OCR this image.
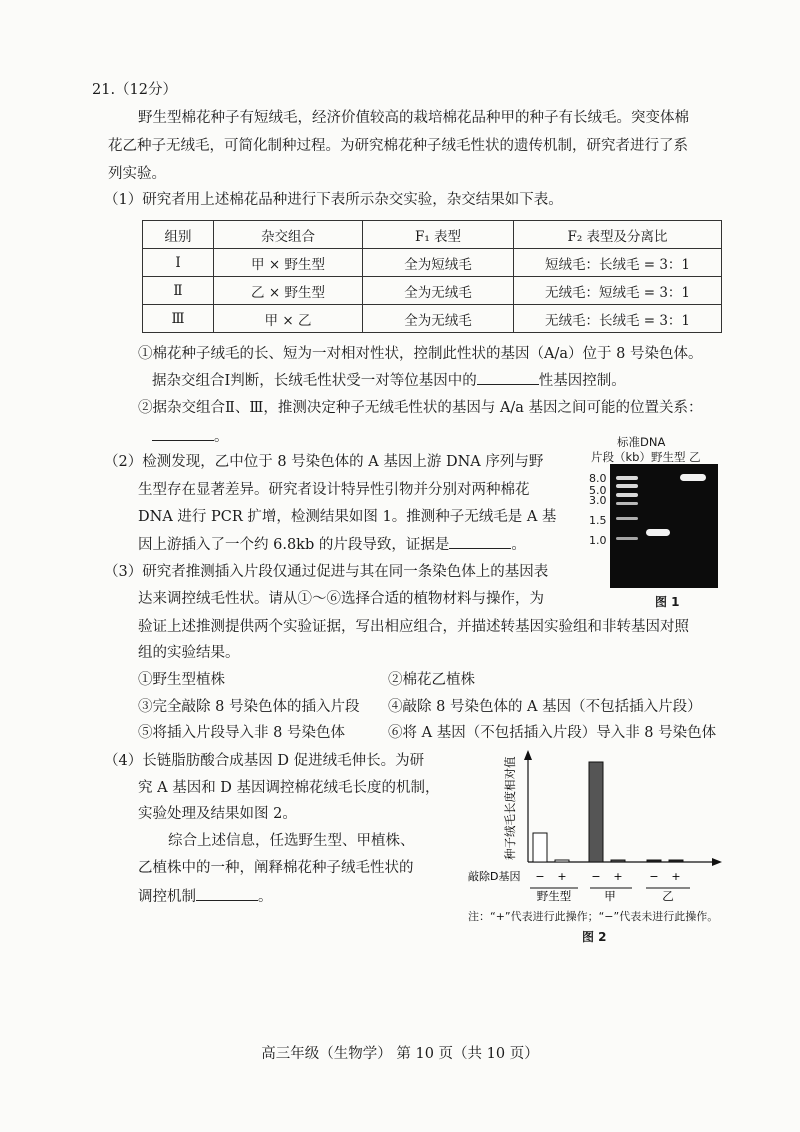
21.（12分）
野生型棉花种子有短绒毛，经济价值较高的栽培棉花品种甲的种子有长绒毛。突变体棉
花乙种子无绒毛，可简化制种过程。为研究棉花种子绒毛性状的遗传机制，研究者进行了系
列实验。
（1）研究者用上述棉花品种进行下表所示杂交实验，杂交结果如下表。
组别	杂交组合	F₁ 表型	F₂ 表型及分离比
Ⅰ	甲 × 野生型	全为短绒毛	短绒毛：长绒毛 = 3：1
Ⅱ	乙 × 野生型	全为无绒毛	无绒毛：短绒毛 = 3：1
Ⅲ	甲 × 乙	全为无绒毛	无绒毛：长绒毛 = 3：1
①棉花种子绒毛的长、短为一对相对性状，控制此性状的基因（A/a）位于 8 号染色体。
据杂交组合Ⅰ判断，长绒毛性状受一对等位基因中的	性基因控制。
②据杂交组合Ⅱ、Ⅲ，推测决定种子无绒毛性状的基因与 A/a 基因之间可能的位置关系：
。
（2）检测发现，乙中位于 8 号染色体的 A 基因上游 DNA 序列与野
生型存在显著差异。研究者设计特异性引物并分别对两种棉花
DNA 进行 PCR 扩增，检测结果如图 1。推测种子无绒毛是 A 基
因上游插入了一个约 6.8kb 的片段导致，证据是	。
标准DNA
片段（kb）野生型 乙
8.0
5.0
3.0
1.5
1.0
图 1
（3）研究者推测插入片段仅通过促进与其在同一条染色体上的基因表
达来调控绒毛性状。请从①～⑥选择合适的植物材料与操作，为
验证上述推测提供两个实验证据，写出相应组合，并描述转基因实验组和非转基因对照
组的实验结果。
①野生型植株	②棉花乙植株
③完全敲除 8 号染色体的插入片段 ④敲除 8 号染色体的 A 基因（不包括插入片段）
⑤将插入片段导入非 8 号染色体	⑥将 A 基因（不包括插入片段）导入非 8 号染色体
（4）长链脂肪酸合成基因 D 促进绒毛伸长。为研
究 A 基因和 D 基因调控棉花绒毛长度的机制，
实验处理及结果如图 2。
综合上述信息，任选野生型、甲植株、
乙植株中的一种，阐释棉花种子绒毛性状的
调控机制	。
种子绒毛长度相对值
敲除D基因 − + − + − +
野生型	甲	乙
注：“+”代表进行此操作；“−”代表未进行此操作。
图 2
高三年级（生物学） 第 10 页（共 10 页）
